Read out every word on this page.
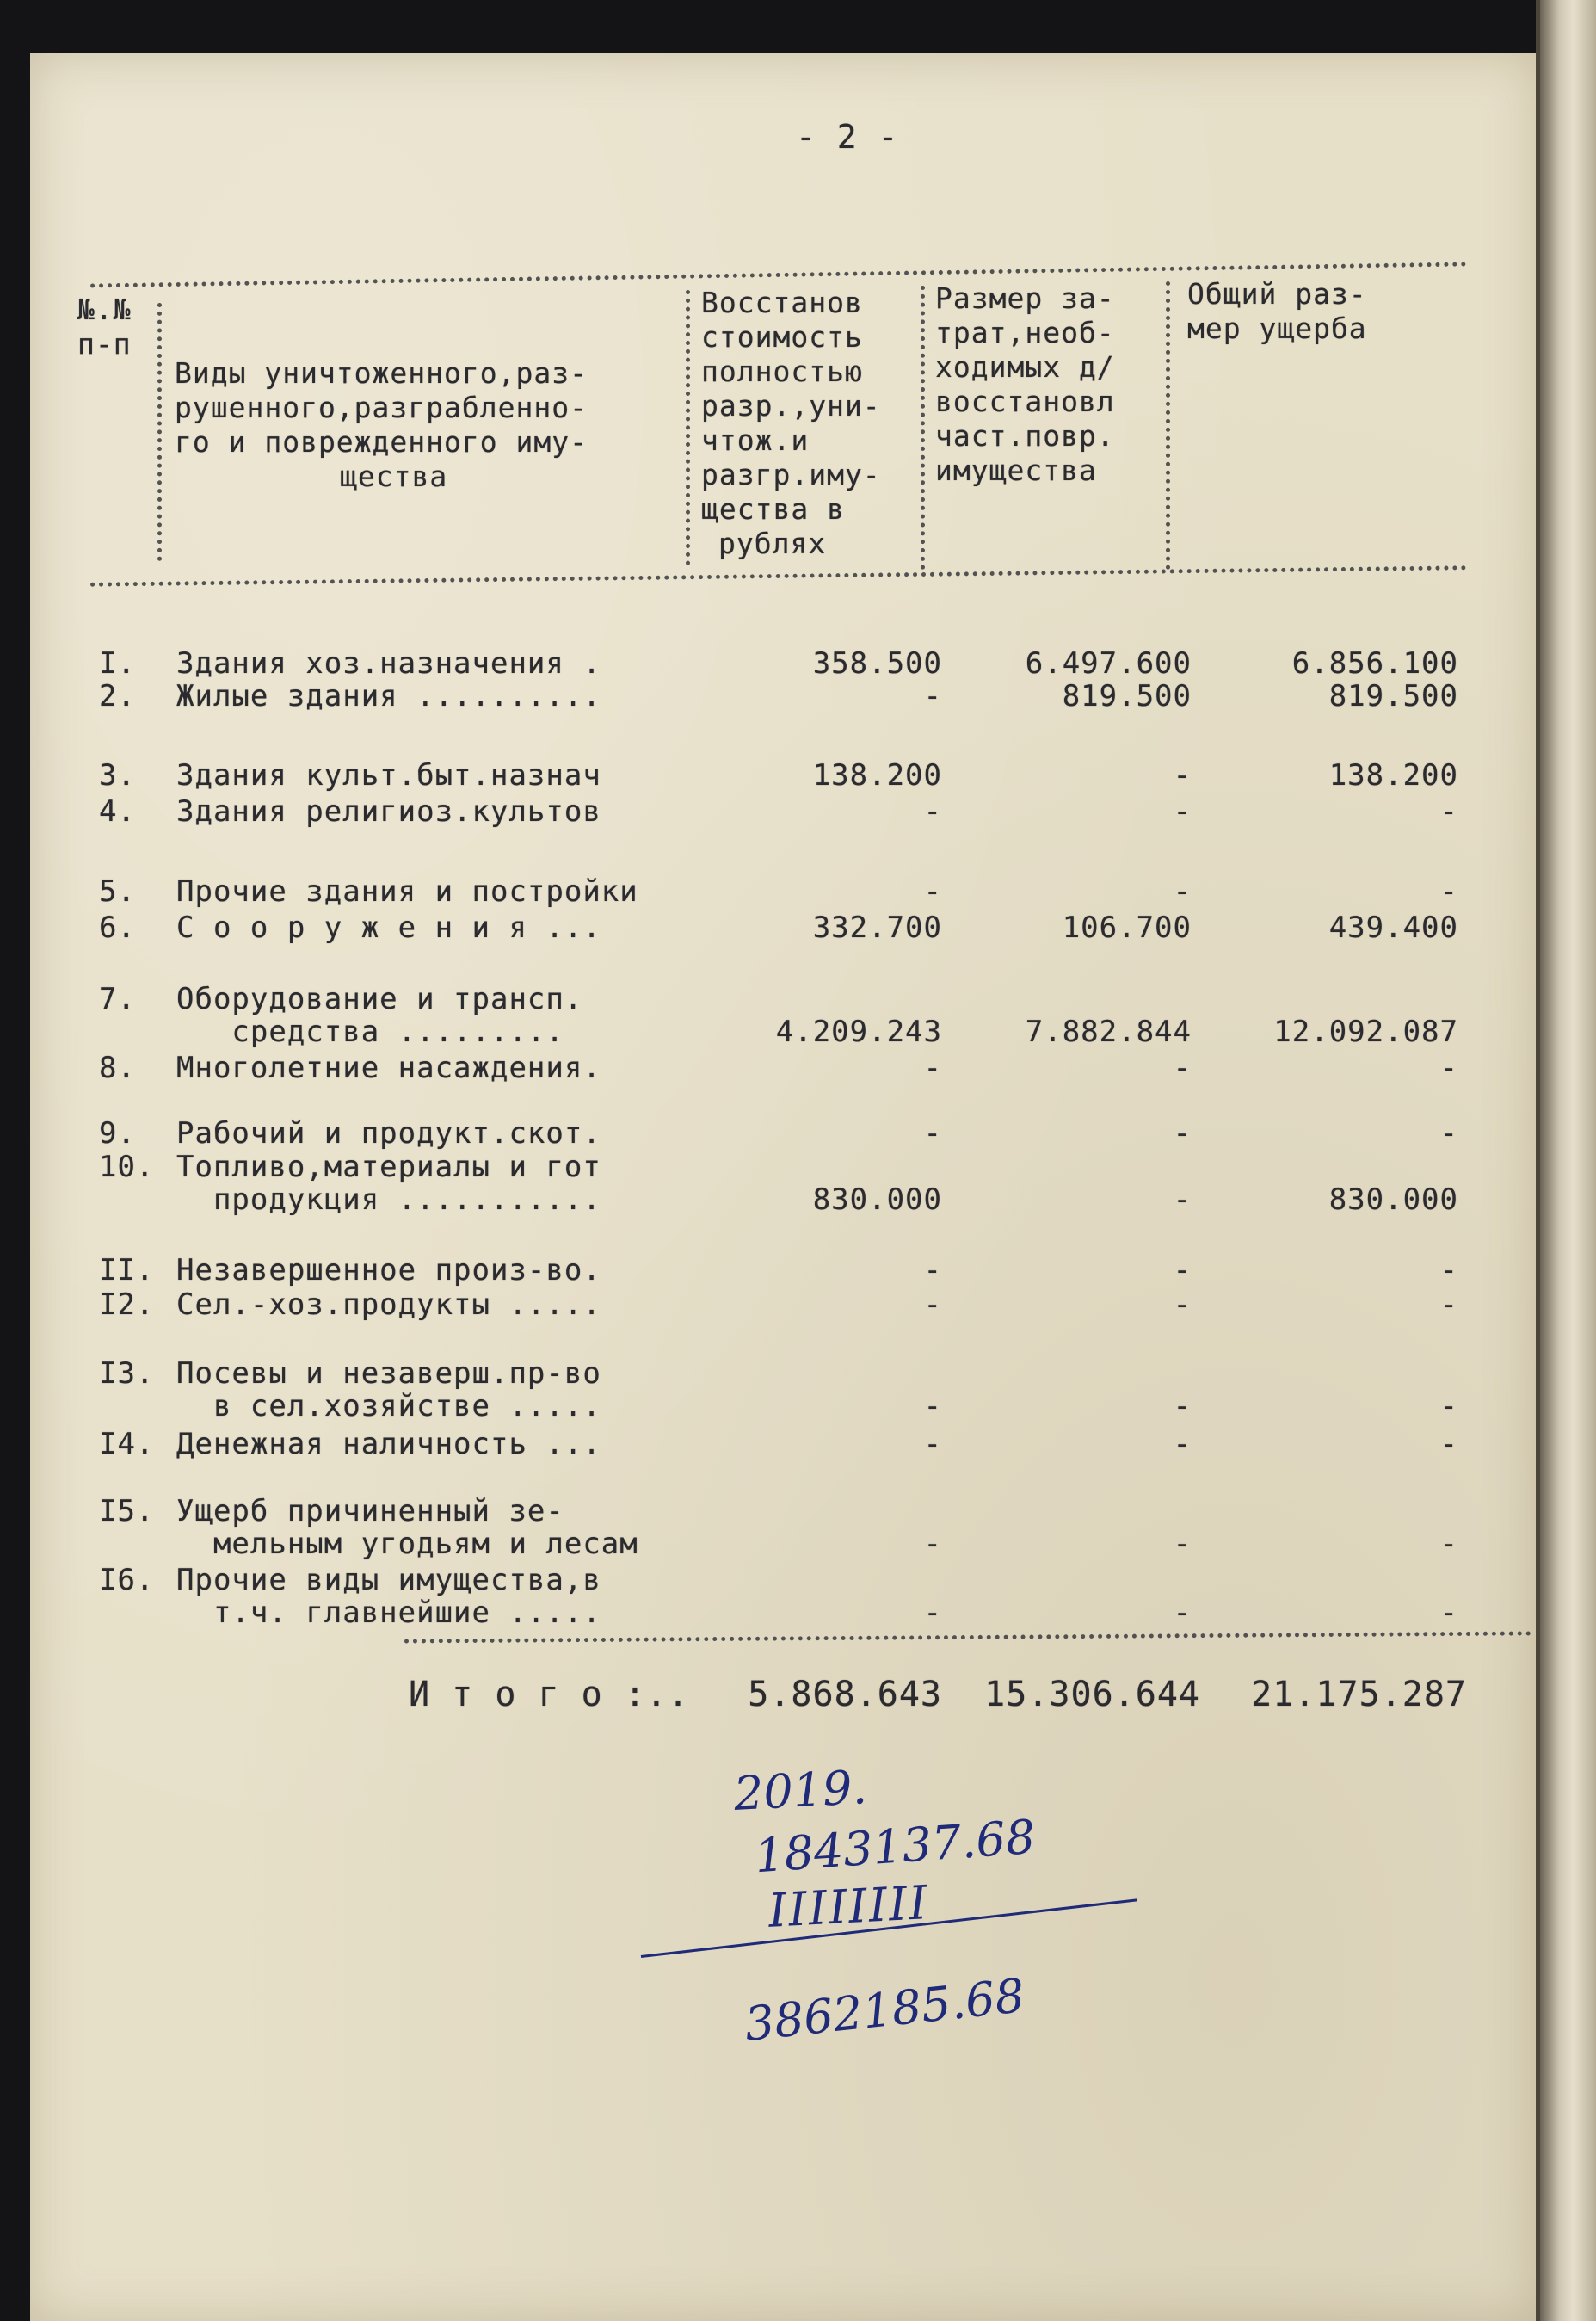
- 2 -
№.№
п-п
Виды уничтоженного,раз-
рушенного,разграбленно-
го и поврежденного иму-
щества
Восстанов
стоимость
полностью
разр.,уни-
чтож.и
разгр.иму-
щества в
рублях
Размер за-
трат,необ-
ходимых д/
восстановл
част.повр.
имущества
Общий раз-
мер ущерба
I.	Здания хоз.назначения .	358.500	6.497.600	6.856.100
2.	Жилые здания ..........	-	819.500	819.500
3.	Здания культ.быт.назнач	138.200	-	138.200
4.	Здания религиоз.культов	-	-	-
5.	Прочие здания и постройки	-	-	-
6.	С о о р у ж е н и я ...	332.700	106.700	439.400
7.	Оборудование и трансп.
средства .........	4.209.243	7.882.844	12.092.087
8.	Многолетние насаждения.	-	-	-
9.	Рабочий и продукт.скот.	-	-	-
10. Топливо,материалы и гот
продукция ...........	830.000	-	830.000
II. Незавершенное произ-во.	-	-	-
I2. Сел.-хоз.продукты .....	-	-	-
I3. Посевы и незаверш.пр-во
в сел.хозяйстве .....	-	-	-
I4. Денежная наличность ...	-	-	-
I5. Ущерб причиненный зе-
мельным угодьям и лесам	-	-	-
I6. Прочие виды имущества,в
т.ч. главнейшие .....	-	-	-
И т о г о :..	5.868.643	15.306.644	21.175.287
2019.
1843137.68
IIIIIIII
3862185.68
